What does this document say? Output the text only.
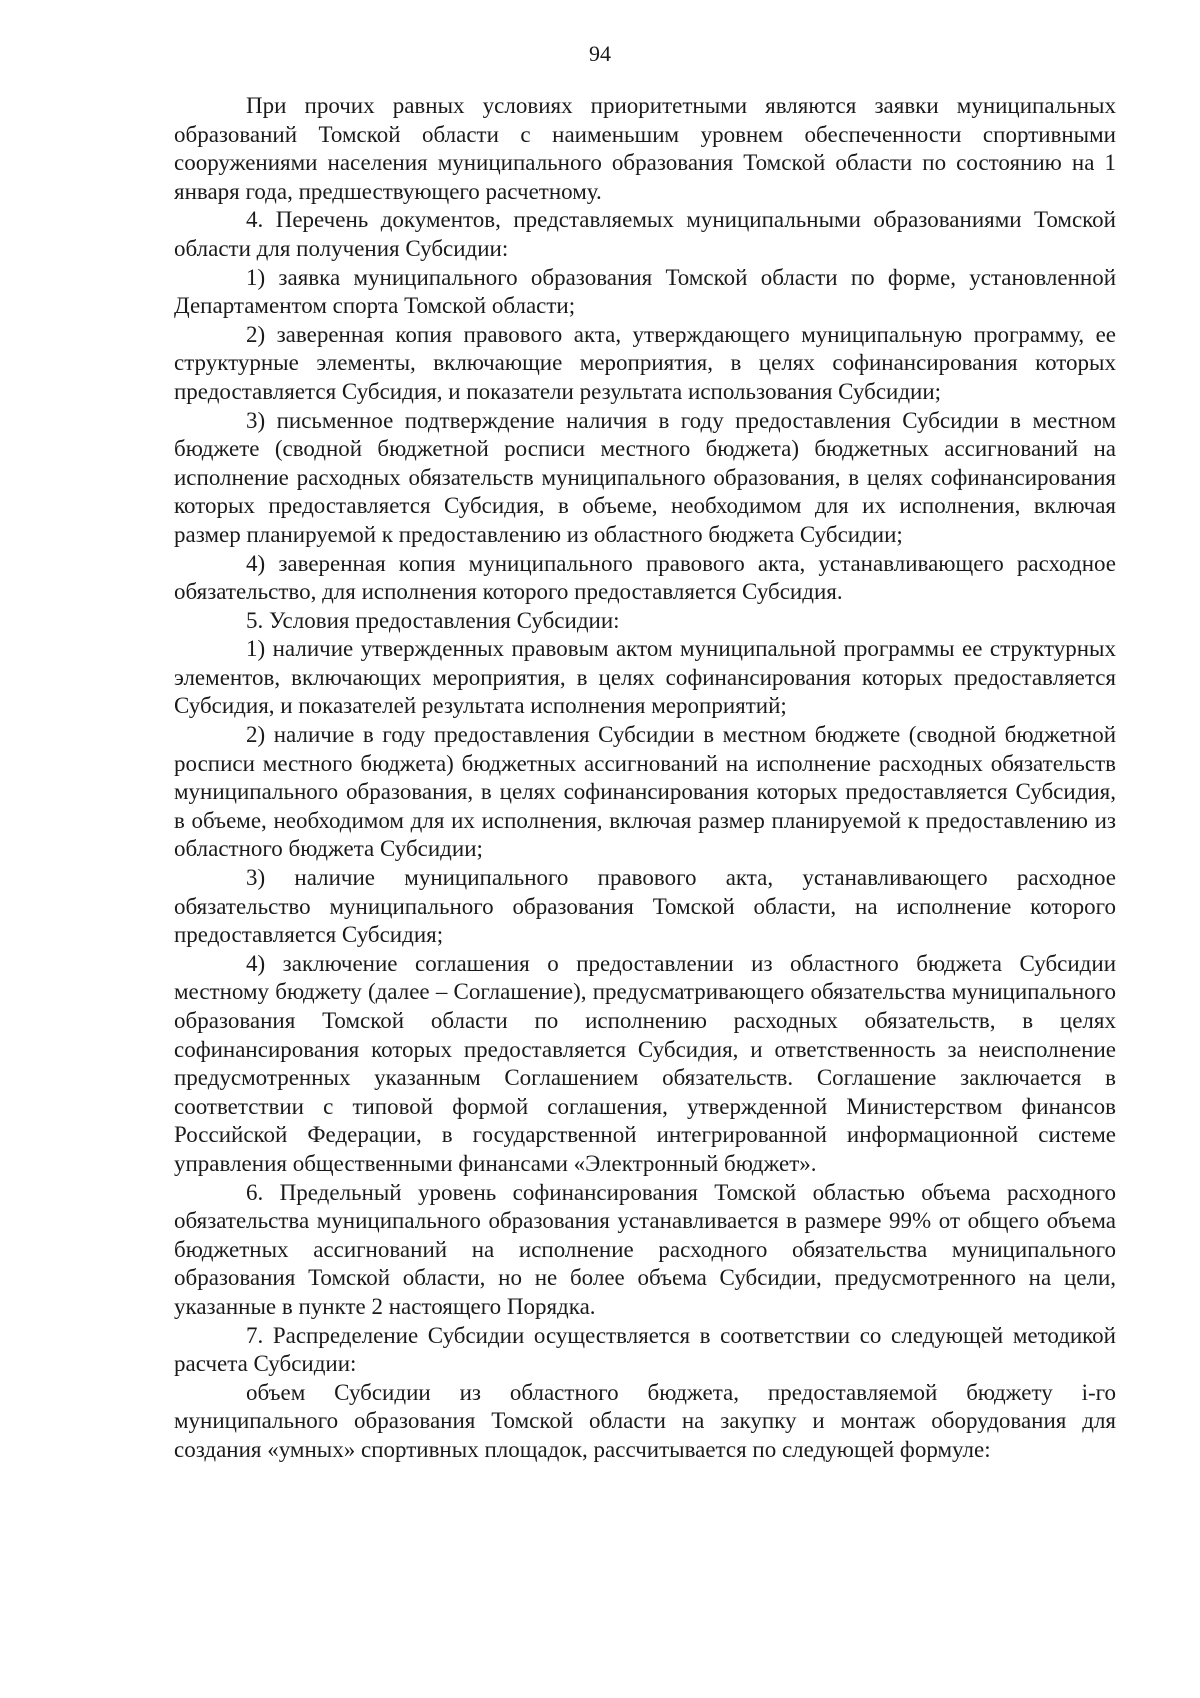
94

При прочих равных условиях приоритетными являются заявки муниципальных образований Томской области с наименьшим уровнем обеспеченности спортивными сооружениями населения муниципального образования Томской области по состоянию на 1 января года, предшествующего расчетному.

4. Перечень документов, представляемых муниципальными образованиями Томской области для получения Субсидии:

1) заявка муниципального образования Томской области по форме, установленной Департаментом спорта Томской области;

2) заверенная копия правового акта, утверждающего муниципальную программу, ее структурные элементы, включающие мероприятия, в целях софинансирования которых предоставляется Субсидия, и показатели результата использования Субсидии;

3) письменное подтверждение наличия в году предоставления Субсидии в местном бюджете (сводной бюджетной росписи местного бюджета) бюджетных ассигнований на исполнение расходных обязательств муниципального образования, в целях софинансирования которых предоставляется Субсидия, в объеме, необходимом для их исполнения, включая размер планируемой к предоставлению из областного бюджета Субсидии;

4) заверенная копия муниципального правового акта, устанавливающего расходное обязательство, для исполнения которого предоставляется Субсидия.

5. Условия предоставления Субсидии:

1) наличие утвержденных правовым актом муниципальной программы ее структурных элементов, включающих мероприятия, в целях софинансирования которых предоставляется Субсидия, и показателей результата исполнения мероприятий;

2) наличие в году предоставления Субсидии в местном бюджете (сводной бюджетной росписи местного бюджета) бюджетных ассигнований на исполнение расходных обязательств муниципального образования, в целях софинансирования которых предоставляется Субсидия, в объеме, необходимом для их исполнения, включая размер планируемой к предоставлению из областного бюджета Субсидии;

3) наличие муниципального правового акта, устанавливающего расходное обязательство муниципального образования Томской области, на исполнение которого предоставляется Субсидия;

4) заключение соглашения о предоставлении из областного бюджета Субсидии местному бюджету (далее – Соглашение), предусматривающего обязательства муниципального образования Томской области по исполнению расходных обязательств, в целях софинансирования которых предоставляется Субсидия, и ответственность за неисполнение предусмотренных указанным Соглашением обязательств. Соглашение заключается в соответствии с типовой формой соглашения, утвержденной Министерством финансов Российской Федерации, в государственной интегрированной информационной системе управления общественными финансами «Электронный бюджет».

6. Предельный уровень софинансирования Томской областью объема расходного обязательства муниципального образования устанавливается в размере 99% от общего объема бюджетных ассигнований на исполнение расходного обязательства муниципального образования Томской области, но не более объема Субсидии, предусмотренного на цели, указанные в пункте 2 настоящего Порядка.

7. Распределение Субсидии осуществляется в соответствии со следующей методикой расчета Субсидии:

объем Субсидии из областного бюджета, предоставляемой бюджету i-го муниципального образования Томской области на закупку и монтаж оборудования для создания «умных» спортивных площадок, рассчитывается по следующей формуле:
